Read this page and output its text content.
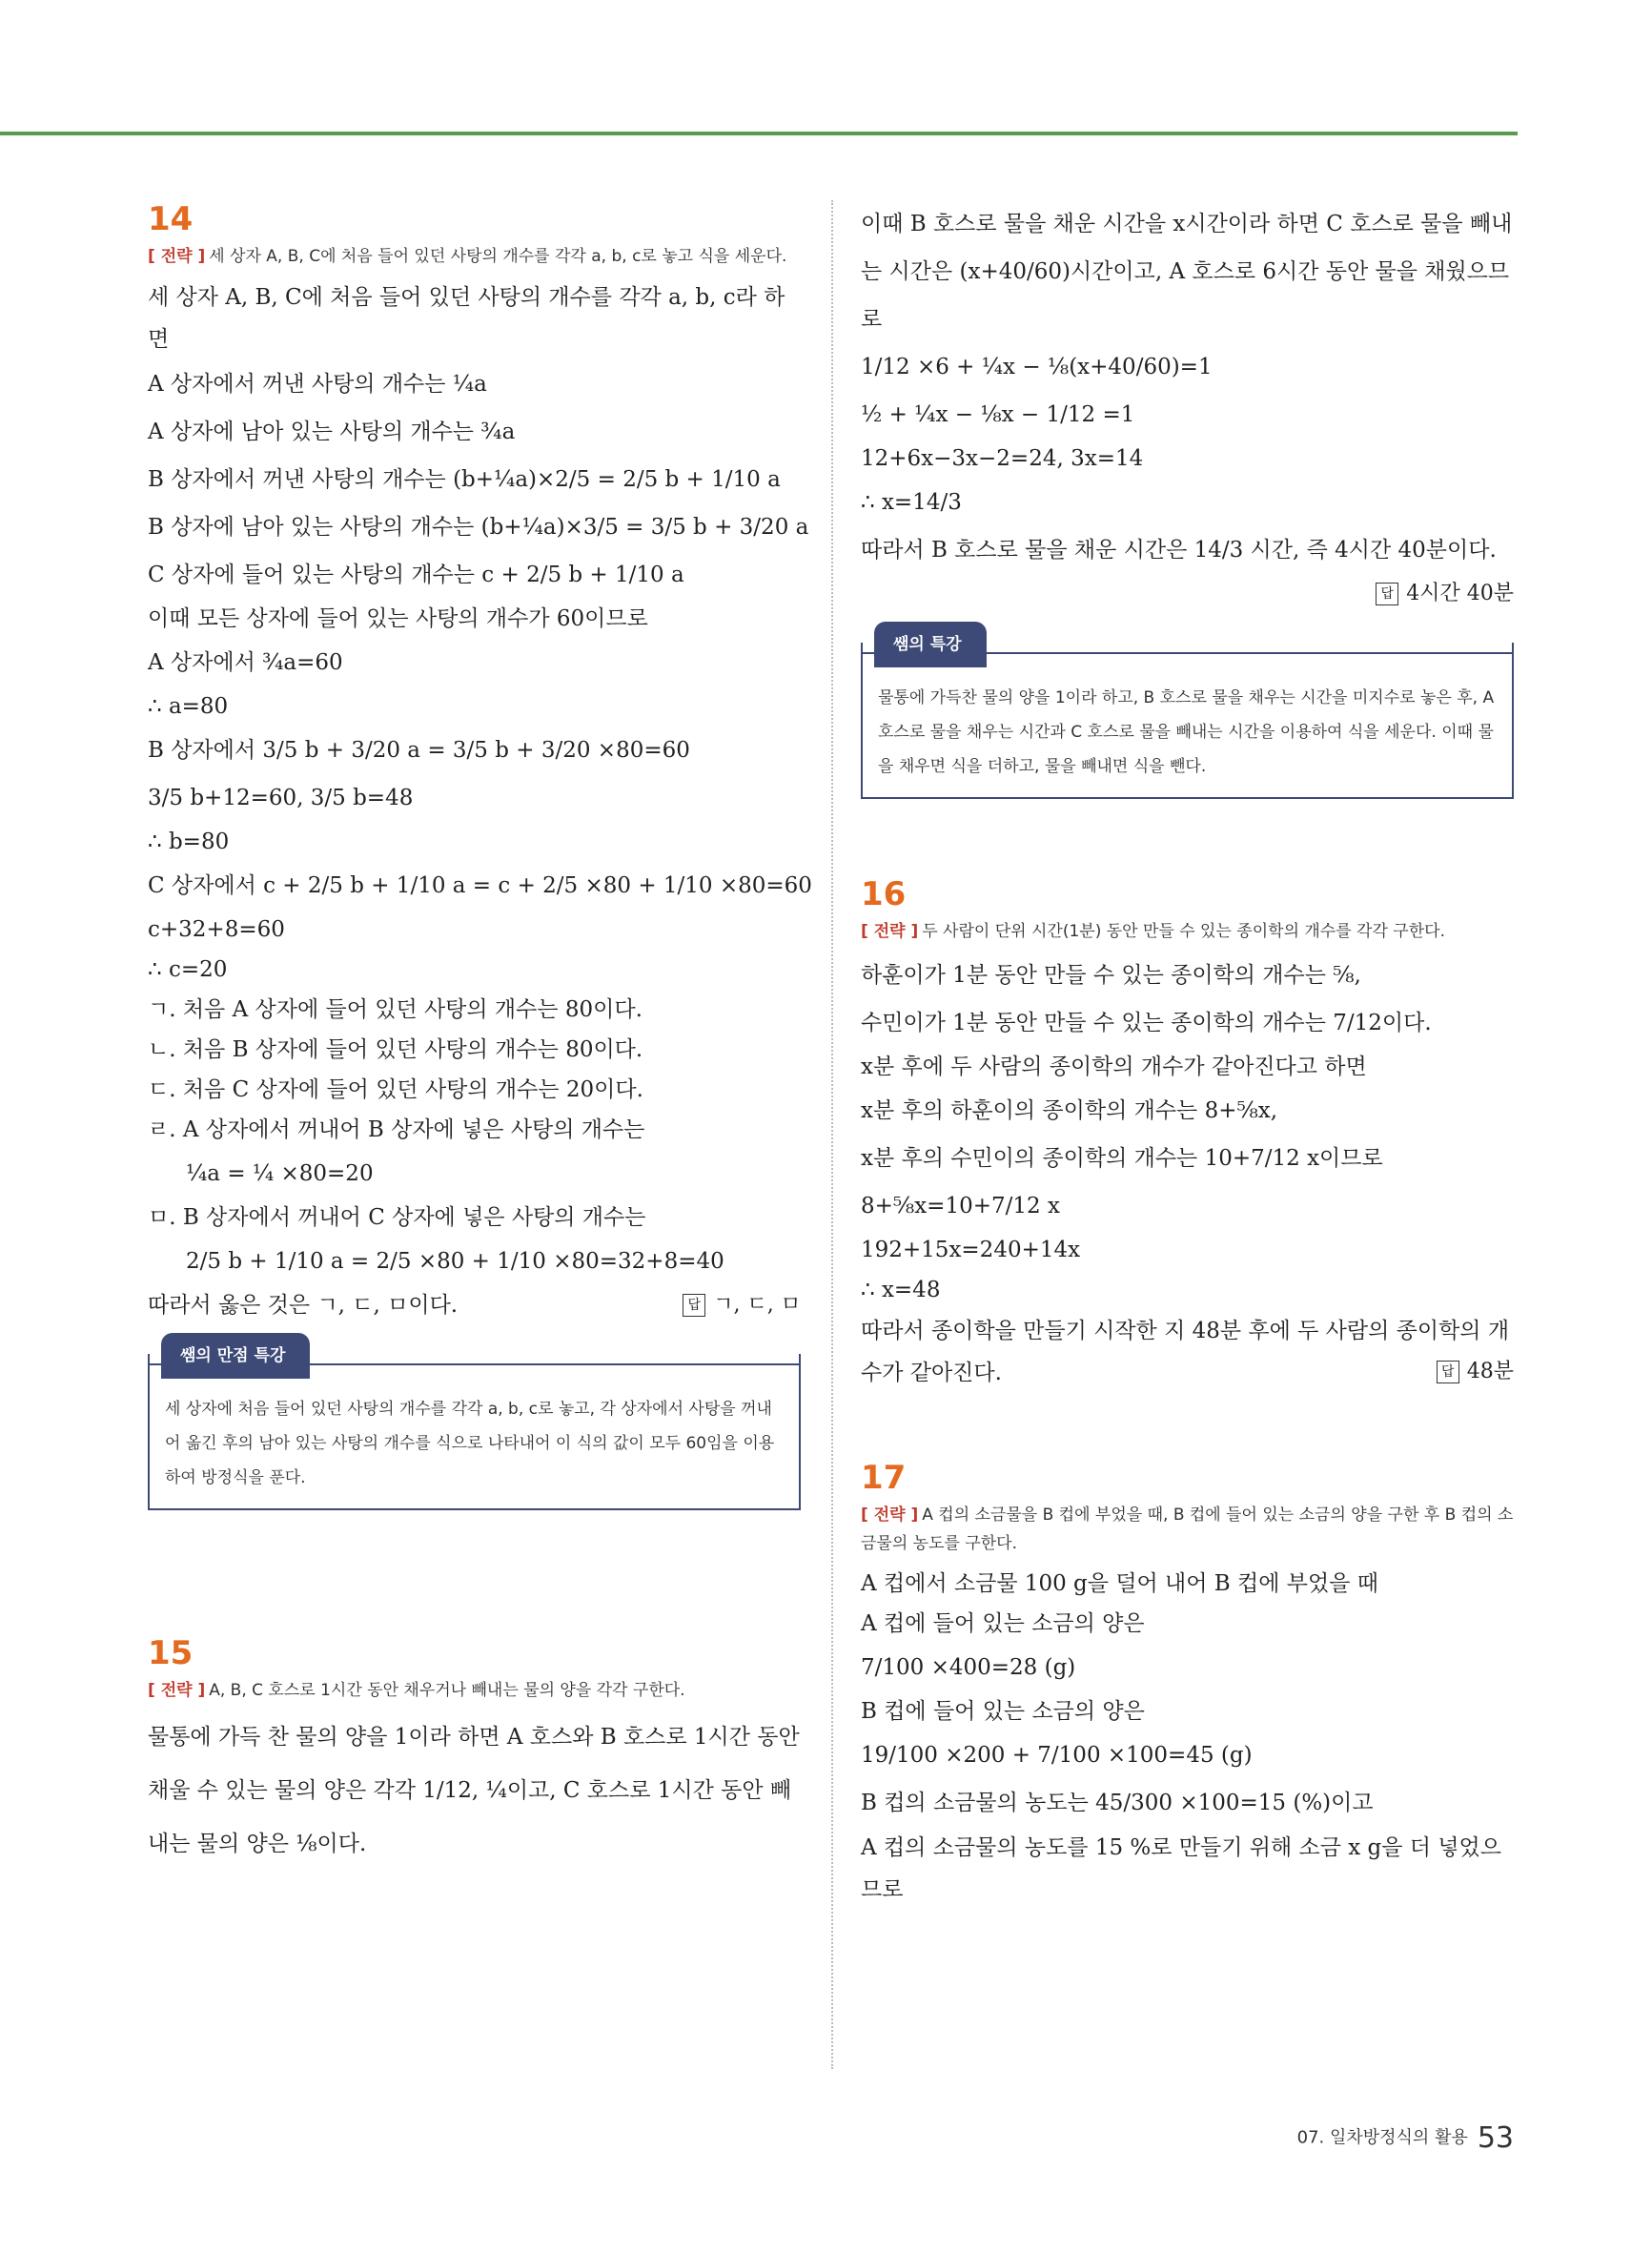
14
[ 전략 ] 세 상자 A, B, C에 처음 들어 있던 사탕의 개수를 각각 a, b, c로 놓고 식을 세운다.
세 상자 A, B, C에 처음 들어 있던 사탕의 개수를 각각 a, b, c라 하면
A 상자에서 꺼낸 사탕의 개수는 ¼a
A 상자에 남아 있는 사탕의 개수는 ¾a
B 상자에서 꺼낸 사탕의 개수는 (b+¼a)×2/5 = 2/5 b + 1/10 a
B 상자에 남아 있는 사탕의 개수는 (b+¼a)×3/5 = 3/5 b + 3/20 a
C 상자에 들어 있는 사탕의 개수는 c + 2/5 b + 1/10 a
이때 모든 상자에 들어 있는 사탕의 개수가 60이므로
A 상자에서 ¾a=60
∴ a=80
B 상자에서 3/5 b + 3/20 a = 3/5 b + 3/20 ×80=60
3/5 b+12=60, 3/5 b=48
∴ b=80
C 상자에서 c + 2/5 b + 1/10 a = c + 2/5 ×80 + 1/10 ×80=60
c+32+8=60
∴ c=20
ㄱ. 처음 A 상자에 들어 있던 사탕의 개수는 80이다.
ㄴ. 처음 B 상자에 들어 있던 사탕의 개수는 80이다.
ㄷ. 처음 C 상자에 들어 있던 사탕의 개수는 20이다.
ㄹ. A 상자에서 꺼내어 B 상자에 넣은 사탕의 개수는
¼a = ¼ ×80=20
ㅁ. B 상자에서 꺼내어 C 상자에 넣은 사탕의 개수는
2/5 b + 1/10 a = 2/5 ×80 + 1/10 ×80=32+8=40
따라서 옳은 것은 ㄱ, ㄷ, ㅁ이다.	답 ㄱ, ㄷ, ㅁ
쌤의 만점 특강
세 상자에 처음 들어 있던 사탕의 개수를 각각 a, b, c로 놓고, 각 상자에서 사탕을 꺼내어 옮긴 후의 남아 있는 사탕의 개수를 식으로 나타내어 이 식의 값이 모두 60임을 이용하여 방정식을 푼다.
15
[ 전략 ] A, B, C 호스로 1시간 동안 채우거나 빼내는 물의 양을 각각 구한다.
물통에 가득 찬 물의 양을 1이라 하면 A 호스와 B 호스로 1시간 동안 채울 수 있는 물의 양은 각각 1/12, ¼이고, C 호스로 1시간 동안 빼내는 물의 양은 ⅛이다.
이때 B 호스로 물을 채운 시간을 x시간이라 하면 C 호스로 물을 빼내는 시간은 (x+40/60)시간이고, A 호스로 6시간 동안 물을 채웠으므로
1/12 ×6 + ¼x − ⅛(x+40/60)=1
½ + ¼x − ⅛x − 1/12 =1
12+6x−3x−2=24, 3x=14
∴ x=14/3
따라서 B 호스로 물을 채운 시간은 14/3 시간, 즉 4시간 40분이다.
답 4시간 40분
쌤의 특강
물통에 가득찬 물의 양을 1이라 하고, B 호스로 물을 채우는 시간을 미지수로 놓은 후, A 호스로 물을 채우는 시간과 C 호스로 물을 빼내는 시간을 이용하여 식을 세운다. 이때 물을 채우면 식을 더하고, 물을 빼내면 식을 뺀다.
16
[ 전략 ] 두 사람이 단위 시간(1분) 동안 만들 수 있는 종이학의 개수를 각각 구한다.
하훈이가 1분 동안 만들 수 있는 종이학의 개수는 ⅝,
수민이가 1분 동안 만들 수 있는 종이학의 개수는 7/12이다.
x분 후에 두 사람의 종이학의 개수가 같아진다고 하면
x분 후의 하훈이의 종이학의 개수는 8+⅝x,
x분 후의 수민이의 종이학의 개수는 10+7/12 x이므로
8+⅝x=10+7/12 x
192+15x=240+14x
∴ x=48
따라서 종이학을 만들기 시작한 지 48분 후에 두 사람의 종이학의 개수가 같아진다.	답 48분
17
[ 전략 ] A 컵의 소금물을 B 컵에 부었을 때, B 컵에 들어 있는 소금의 양을 구한 후 B 컵의 소금물의 농도를 구한다.
A 컵에서 소금물 100 g을 덜어 내어 B 컵에 부었을 때
A 컵에 들어 있는 소금의 양은
7/100 ×400=28 (g)
B 컵에 들어 있는 소금의 양은
19/100 ×200 + 7/100 ×100=45 (g)
B 컵의 소금물의 농도는 45/300 ×100=15 (%)이고
A 컵의 소금물의 농도를 15 %로 만들기 위해 소금 x g을 더 넣었으므로
07. 일차방정식의 활용 53
